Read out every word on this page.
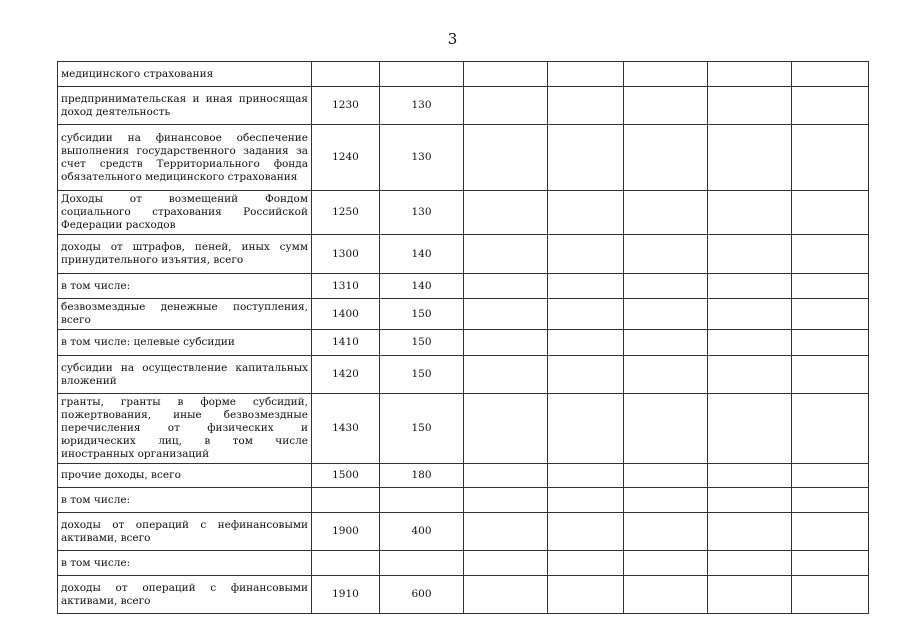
3
медицинского страхования							
предпринимательская и иная приносящая доход деятельность	1230	130					
субсидии на финансовое обеспечение выполнения государственного задания за счет средств Территориального фонда обязательного медицинского страхования	1240	130					
Доходы от возмещений Фондом социального страхования Российской Федерации расходов	1250	130					
доходы от штрафов, пеней, иных сумм принудительного изъятия, всего	1300	140					
в том числе:	1310	140					
безвозмездные денежные поступления, всего	1400	150					
в том числе: целевые субсидии	1410	150					
субсидии на осуществление капитальных вложений	1420	150					
гранты, гранты в форме субсидий, пожертвования, иные безвозмездные перечисления от физических и юридических лиц, в том числе иностранных организаций	1430	150					
прочие доходы, всего	1500	180					
в том числе:							
доходы от операций с нефинансовыми активами, всего	1900	400					
в том числе:							
доходы от операций с финансовыми активами, всего	1910	600					
